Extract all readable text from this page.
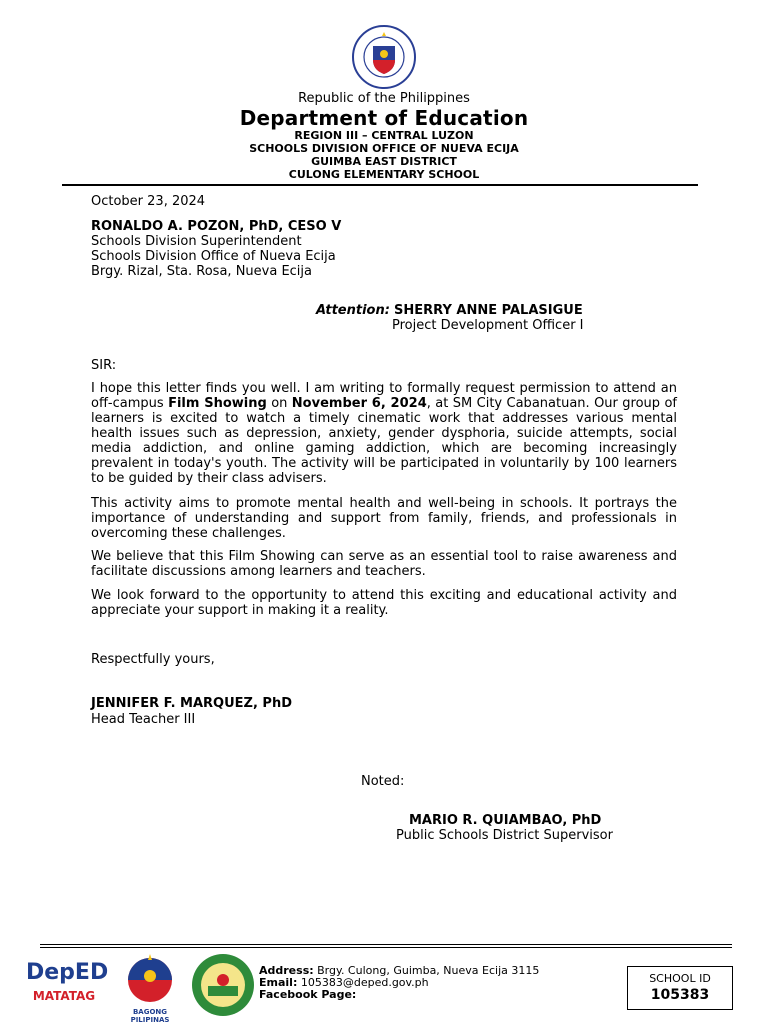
Republic of the Philippines
Department of Education
REGION III – CENTRAL LUZON
SCHOOLS DIVISION OFFICE OF NUEVA ECIJA
GUIMBA EAST DISTRICT
CULONG ELEMENTARY SCHOOL
October 23, 2024
RONALDO A. POZON, PhD, CESO V
Schools Division Superintendent
Schools Division Office of Nueva Ecija
Brgy. Rizal, Sta. Rosa, Nueva Ecija
Attention: SHERRY ANNE PALASIGUE
Project Development Officer I
SIR:

I hope this letter finds you well. I am writing to formally request permission to attend an off-campus Film Showing on November 6, 2024, at SM City Cabanatuan. Our group of learners is excited to watch a timely cinematic work that addresses various mental health issues such as depression, anxiety, gender dysphoria, suicide attempts, social media addiction, and online gaming addiction, which are becoming increasingly prevalent in today's youth. The activity will be participated in voluntarily by 100 learners to be guided by their class advisers.

This activity aims to promote mental health and well-being in schools. It portrays the importance of understanding and support from family, friends, and professionals in overcoming these challenges.

We believe that this Film Showing can serve as an essential tool to raise awareness and facilitate discussions among learners and teachers.

We look forward to the opportunity to attend this exciting and educational activity and appreciate your support in making it a reality.

Respectfully yours,
JENNIFER F. MARQUEZ, PhD
Head Teacher III
Noted:
MARIO R. QUIAMBAO, PhD
Public Schools District Supervisor
DepED
MATATAG
BAGONG PILIPINAS
Address: Brgy. Culong, Guimba, Nueva Ecija 3115
Email: 105383@deped.gov.ph
Facebook Page:
SCHOOL ID
105383
